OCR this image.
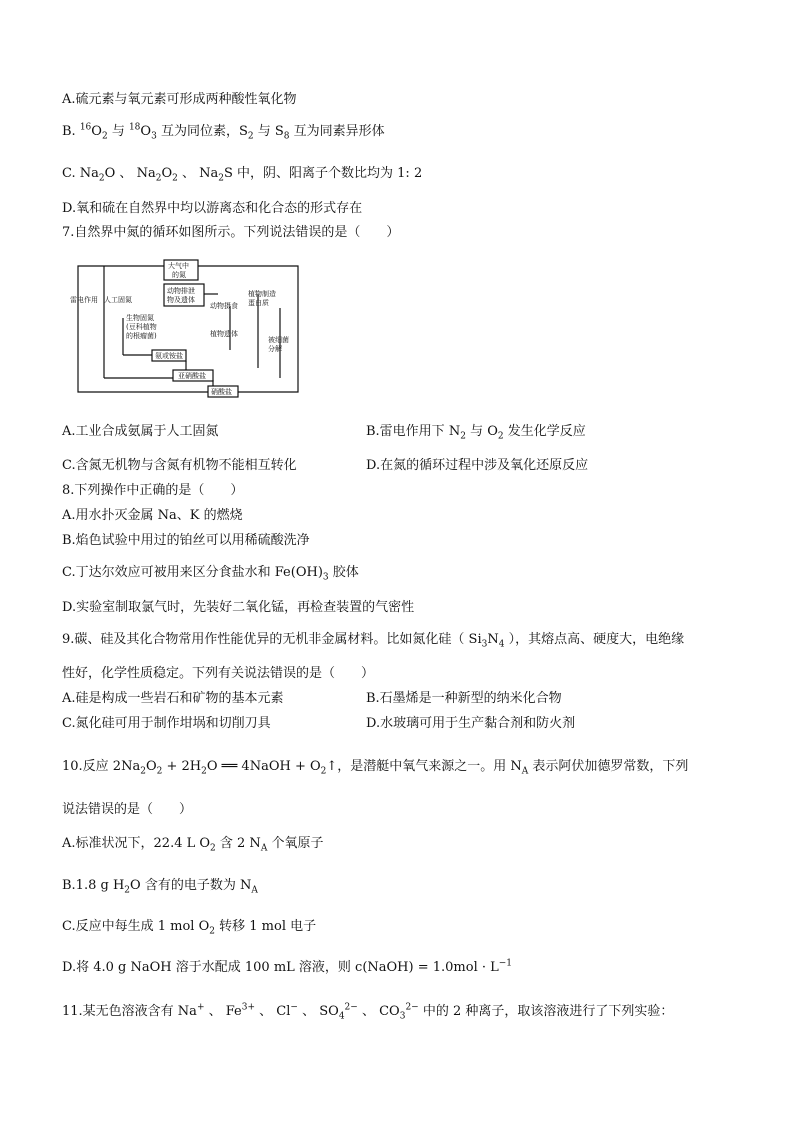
A.硫元素与氧元素可形成两种酸性氧化物
B. $^{16}O_2$ 与 $^{18}O_3$ 互为同位素，$S_2$ 与 $S_8$ 互为同素异形体
C. $Na_2O$ 、 $Na_2O_2$ 、 $Na_2S$ 中，阴、阳离子个数比均为 1: 2
D.氧和硫在自然界中均以游离态和化合态的形式存在
7.自然界中氮的循环如图所示。下列说法错误的是（　　）
大气中
的氮
动物排泄
物及遗体
植物制造
蛋白质
动物摄食
雷电作用 人工固氮
生物固氮
(豆科植物
的根瘤菌)	植物遗体
被细菌
分解
氨或铵盐
亚硝酸盐
硝酸盐
A.工业合成氨属于人工固氮	B.雷电作用下 $N_2$ 与 $O_2$ 发生化学反应
C.含氮无机物与含氮有机物不能相互转化	D.在氮的循环过程中涉及氧化还原反应
8.下列操作中正确的是（　　）
A.用水扑灭金属 Na、K 的燃烧
B.焰色试验中用过的铂丝可以用稀硫酸洗净
C.丁达尔效应可被用来区分食盐水和 $Fe(OH)_3$ 胶体
D.实验室制取氯气时，先装好二氧化锰，再检查装置的气密性
9.碳、硅及其化合物常用作性能优异的无机非金属材料。比如氮化硅（ $Si_3N_4$ ），其熔点高、硬度大，电绝缘
性好，化学性质稳定。下列有关说法错误的是（　　）
A.硅是构成一些岩石和矿物的基本元素	B.石墨烯是一种新型的纳米化合物
C.氮化硅可用于制作坩埚和切削刀具	D.水玻璃可用于生产黏合剂和防火剂
10.反应 $2Na_2O_2 + 2H_2O$ ══ 4NaOH + $O_2↑$，是潜艇中氧气来源之一。用 $N_A$ 表示阿伏加德罗常数，下列
说法错误的是（　　）
A.标准状况下，22.4 L $O_2$ 含 2 $N_A$ 个氧原子
B.1.8 g $H_2O$ 含有的电子数为 $N_A$
C.反应中每生成 1 mol $O_2$ 转移 1 mol 电子
D.将 4.0 g NaOH 溶于水配成 100 mL 溶液，则 c(NaOH) = $1.0mol \cdot L^{-1}$
11.某无色溶液含有 Na+ 、 $Fe^{3+}$ 、 Cl− 、 $SO_4^{2-}$ 、 $CO_3^{2-}$ 中的 2 种离子，取该溶液进行了下列实验：
